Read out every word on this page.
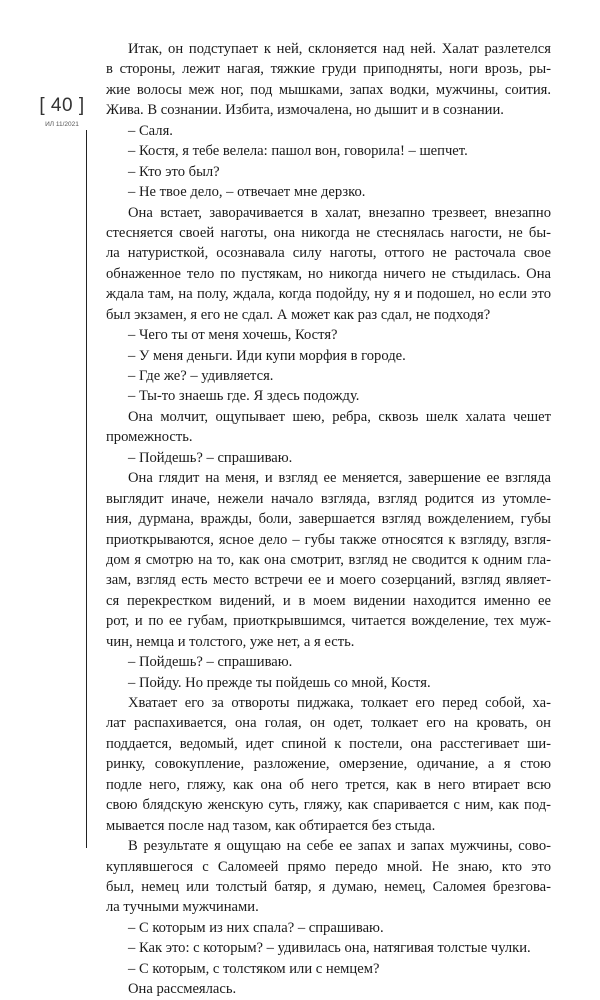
[ 40 ]
ИЛ 11/2021
Итак, он подступает к ней, склоняется над ней. Халат разлетелся
в стороны, лежит нагая, тяжкие груди приподняты, ноги врозь, ры-
жие волосы меж ног, под мышками, запах водки, мужчины, соития.
Жива. В сознании. Избита, измочалена, но дышит и в сознании.
– Саля.
– Костя, я тебе велела: пашол вон, говорила! – шепчет.
– Кто это был?
– Не твое дело, – отвечает мне дерзко.
Она встает, заворачивается в халат, внезапно трезвеет, внезапно
стесняется своей наготы, она никогда не стеснялась нагости, не бы-
ла натуристкой, осознавала силу наготы, оттого не расточала свое
обнаженное тело по пустякам, но никогда ничего не стыдилась. Она
ждала там, на полу, ждала, когда подойду, ну я и подошел, но если это
был экзамен, я его не сдал. А может как раз сдал, не подходя?
– Чего ты от меня хочешь, Костя?
– У меня деньги. Иди купи морфия в городе.
– Где же? – удивляется.
– Ты-то знаешь где. Я здесь подожду.
Она молчит, ощупывает шею, ребра, сквозь шелк халата чешет
промежность.
– Пойдешь? – спрашиваю.
Она глядит на меня, и взгляд ее меняется, завершение ее взгляда
выглядит иначе, нежели начало взгляда, взгляд родится из утомле-
ния, дурмана, вражды, боли, завершается взгляд вожделением, губы
приоткрываются, ясное дело – губы также относятся к взгляду, взгля-
дом я смотрю на то, как она смотрит, взгляд не сводится к одним гла-
зам, взгляд есть место встречи ее и моего созерцаний, взгляд являет-
ся перекрестком видений, и в моем видении находится именно ее
рот, и по ее губам, приоткрывшимся, читается вожделение, тех муж-
чин, немца и толстого, уже нет, а я есть.
– Пойдешь? – спрашиваю.
– Пойду. Но прежде ты пойдешь со мной, Костя.
Хватает его за отвороты пиджака, толкает его перед собой, ха-
лат распахивается, она голая, он одет, толкает его на кровать, он
поддается, ведомый, идет спиной к постели, она расстегивает ши-
ринку, совокупление, разложение, омерзение, одичание, а я стою
подле него, гляжу, как она об него трется, как в него втирает всю
свою блядскую женскую суть, гляжу, как спаривается с ним, как под-
мывается после над тазом, как обтирается без стыда.
В результате я ощущаю на себе ее запах и запах мужчины, сово-
куплявшегося с Саломеей прямо передо мной. Не знаю, кто это
был, немец или толстый батяр, я думаю, немец, Саломея брезгова-
ла тучными мужчинами.
– С которым из них спала? – спрашиваю.
– Как это: с которым? – удивилась она, натягивая толстые чулки.
– С которым, с толстяком или с немцем?
Она рассмеялась.
